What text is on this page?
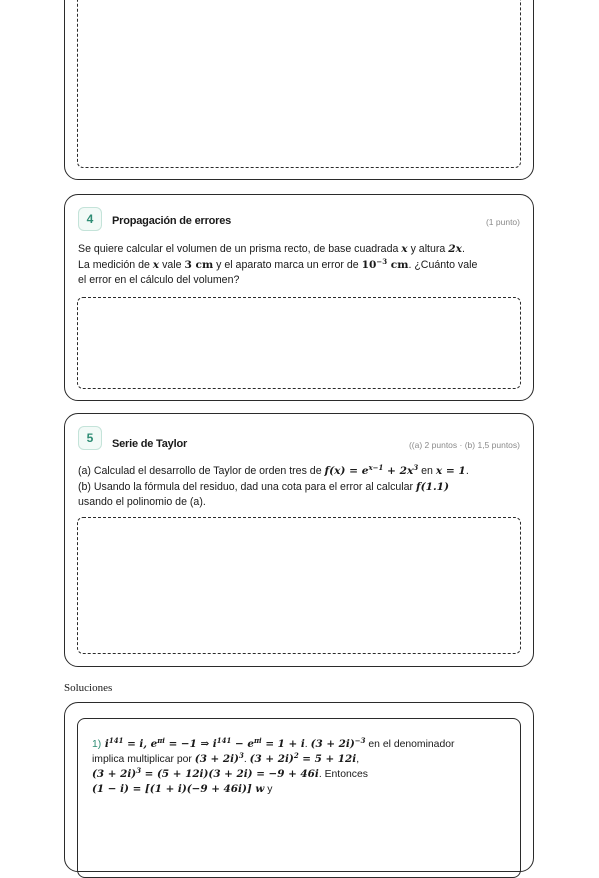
4	Propagación de errores	(1 punto)

Se quiere calcular el volumen de un prisma recto, de base cuadrada x y altura 2x.

La medición de x vale 3 cm y el aparato marca un error de $10^{-3}$ cm. ¿Cuánto vale

el error en el cálculo del volumen?

5	Serie de Taylor	((a) 2 puntos · (b) 1,5 puntos)

(a) Calculad el desarrollo de Taylor de orden tres de $f(x) = e^{x-1} + 2x^3$ en x = 1.

(b) Usando la fórmula del residuo, dad una cota para el error al calcular f(1.1)

usando el polinomio de (a).

Soluciones

1) $i^{141} = i$, $e^{\pi i} = -1$ ⇒ $i^{141} - e^{\pi i} = 1 + i$. $(3 + 2i)^{-3}$ en el denominador

implica multiplicar por $(3 + 2i)^3$. $(3 + 2i)^2 = 5 + 12i$,

$(3 + 2i)^3 = (5 + 12i)(3 + 2i) = -9 + 46i$. Entonces

(1 − i) = [(1 + i)(−9 + 46i)] w y
